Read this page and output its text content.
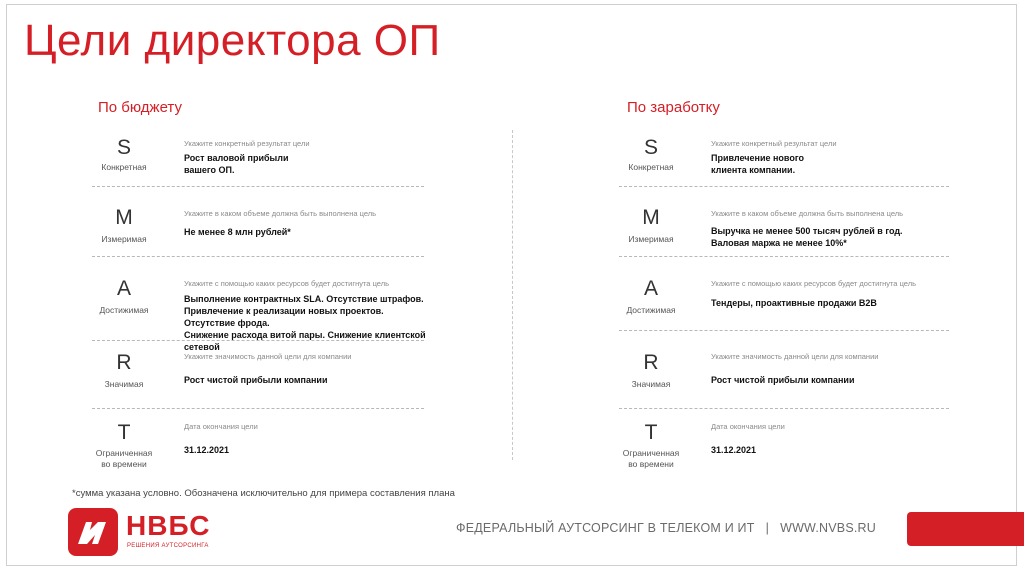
Цели директора ОП
По бюджету	По заработку
S
Конкретная
Укажите конкретный результат цели
Рост валовой прибыли
вашего ОП.
M
Измеримая
Укажите в каком объеме должна быть выполнена цель
Не менее 8 млн рублей*
A
Достижимая
Укажите с помощью каких ресурсов будет достигнута цель
Выполнение контрактных SLA. Отсутствие штрафов.
Привлечение к реализации новых проектов. Отсутствие фрода.
Снижение расхода витой пары. Снижение клиентской сетевой
R
Значимая
Укажите значимость данной цели для компании
Рост чистой прибыли компании
T
Ограниченная
во времени
Дата окончания цели
31.12.2021
S
Конкретная
Укажите конкретный результат цели
Привлечение нового
клиента компании.
M
Измеримая
Укажите в каком объеме должна быть выполнена цель
Выручка не менее 500 тысяч рублей в год.
Валовая маржа не менее 10%*
A
Достижимая
Укажите с помощью каких ресурсов будет достигнута цель
Тендеры, проактивные продажи B2B
R
Значимая
Укажите значимость данной цели для компании
Рост чистой прибыли компании
T
Ограниченная
во времени
Дата окончания цели
31.12.2021
*сумма указана условно. Обозначена исключительно для примера составления плана
НВБС
РЕШЕНИЯ АУТСОРСИНГА
ФЕДЕРАЛЬНЫЙ АУТСОРСИНГ В ТЕЛЕКОМ И ИТ   |   WWW.NVBS.RU
